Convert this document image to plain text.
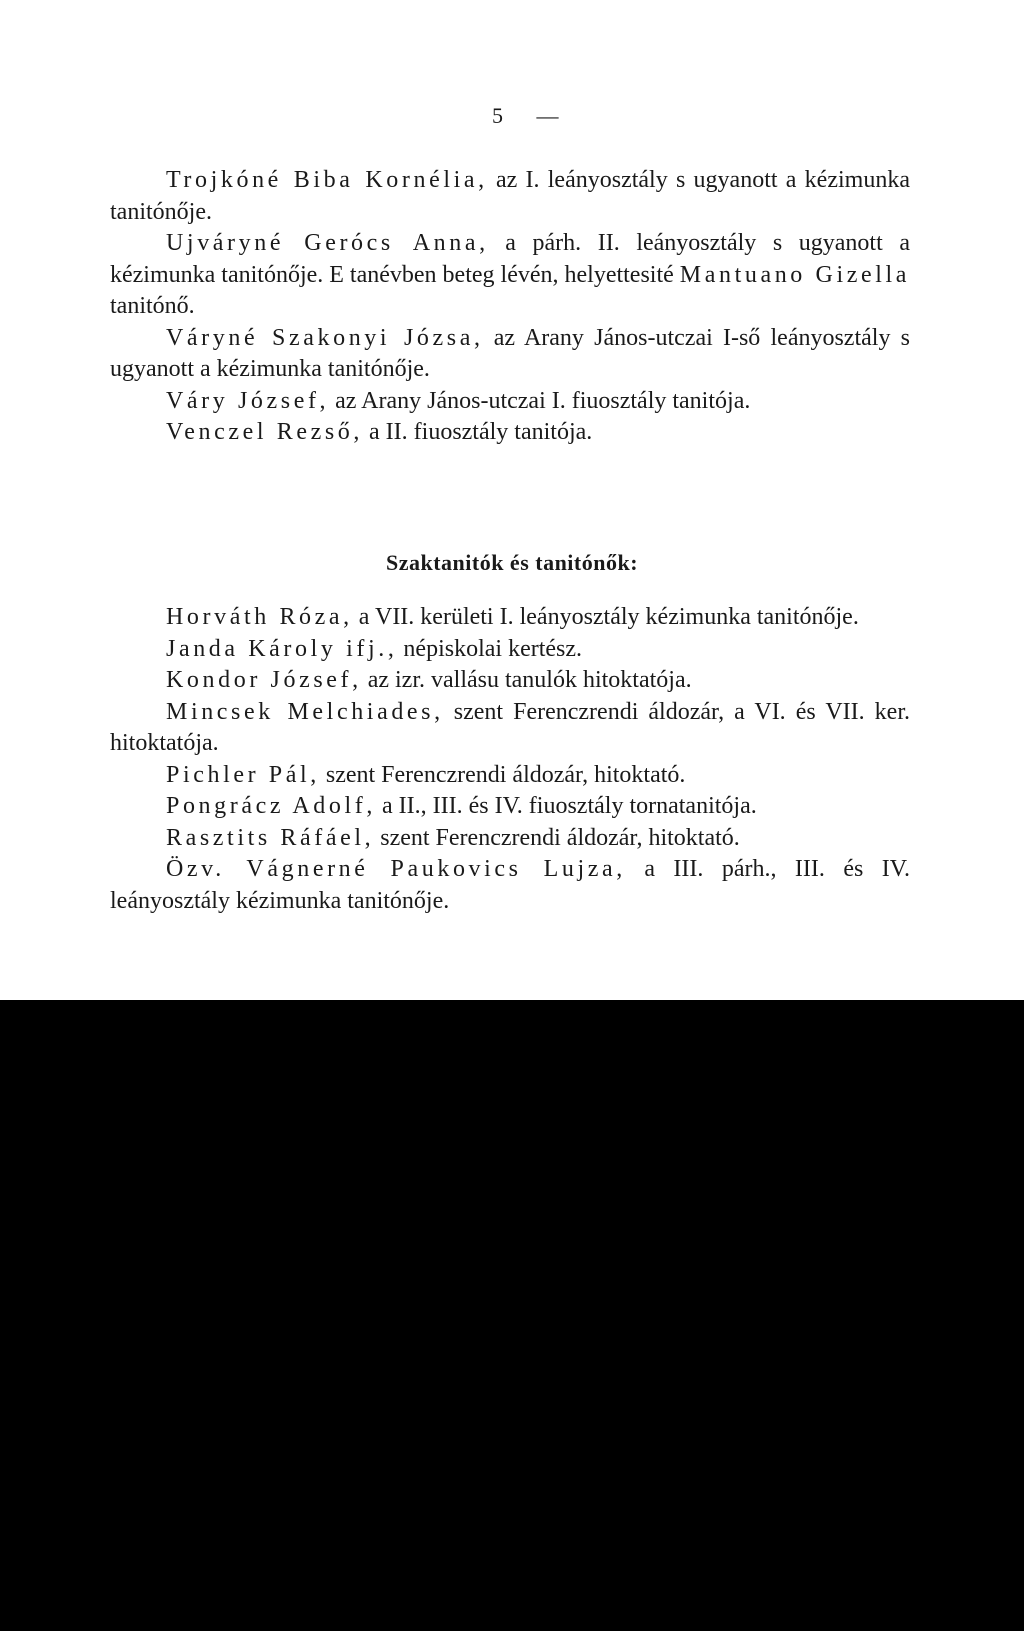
5 —

Trojkóné Biba Kornélia, az I. leányosztály s ugyanott a kézimunka tanitónője.

Ujváryné Gerócs Anna, a párh. II. leányosztály s ugyanott a kézimunka tanitónője. E tanévben beteg lévén, helyettesité Mantuano Gizella tanitónő.

Váryné Szakonyi Józsa, az Arany János-utczai I-ső leányosztály s ugyanott a kézimunka tanitónője.

Váry József, az Arany János-utczai I. fiuosztály tanitója.

Venczel Rezső, a II. fiuosztály tanitója.

Szaktanitók és tanitónők:

Horváth Róza, a VII. kerületi I. leányosztály kézimunka tanitónője.

Janda Károly ifj., népiskolai kertész.

Kondor József, az izr. vallásu tanulók hitoktatója.

Mincsek Melchiades, szent Ferenczrendi áldozár, a VI. és VII. ker. hitoktatója.

Pichler Pál, szent Ferenczrendi áldozár, hitoktató.

Pongrácz Adolf, a II., III. és IV. fiuosztály tornatanitója.

Rasztits Ráfáel, szent Ferenczrendi áldozár, hitoktató.

Özv. Vágnerné Paukovics Lujza, a III. párh., III. és IV. leányosztály kézimunka tanitónője.
